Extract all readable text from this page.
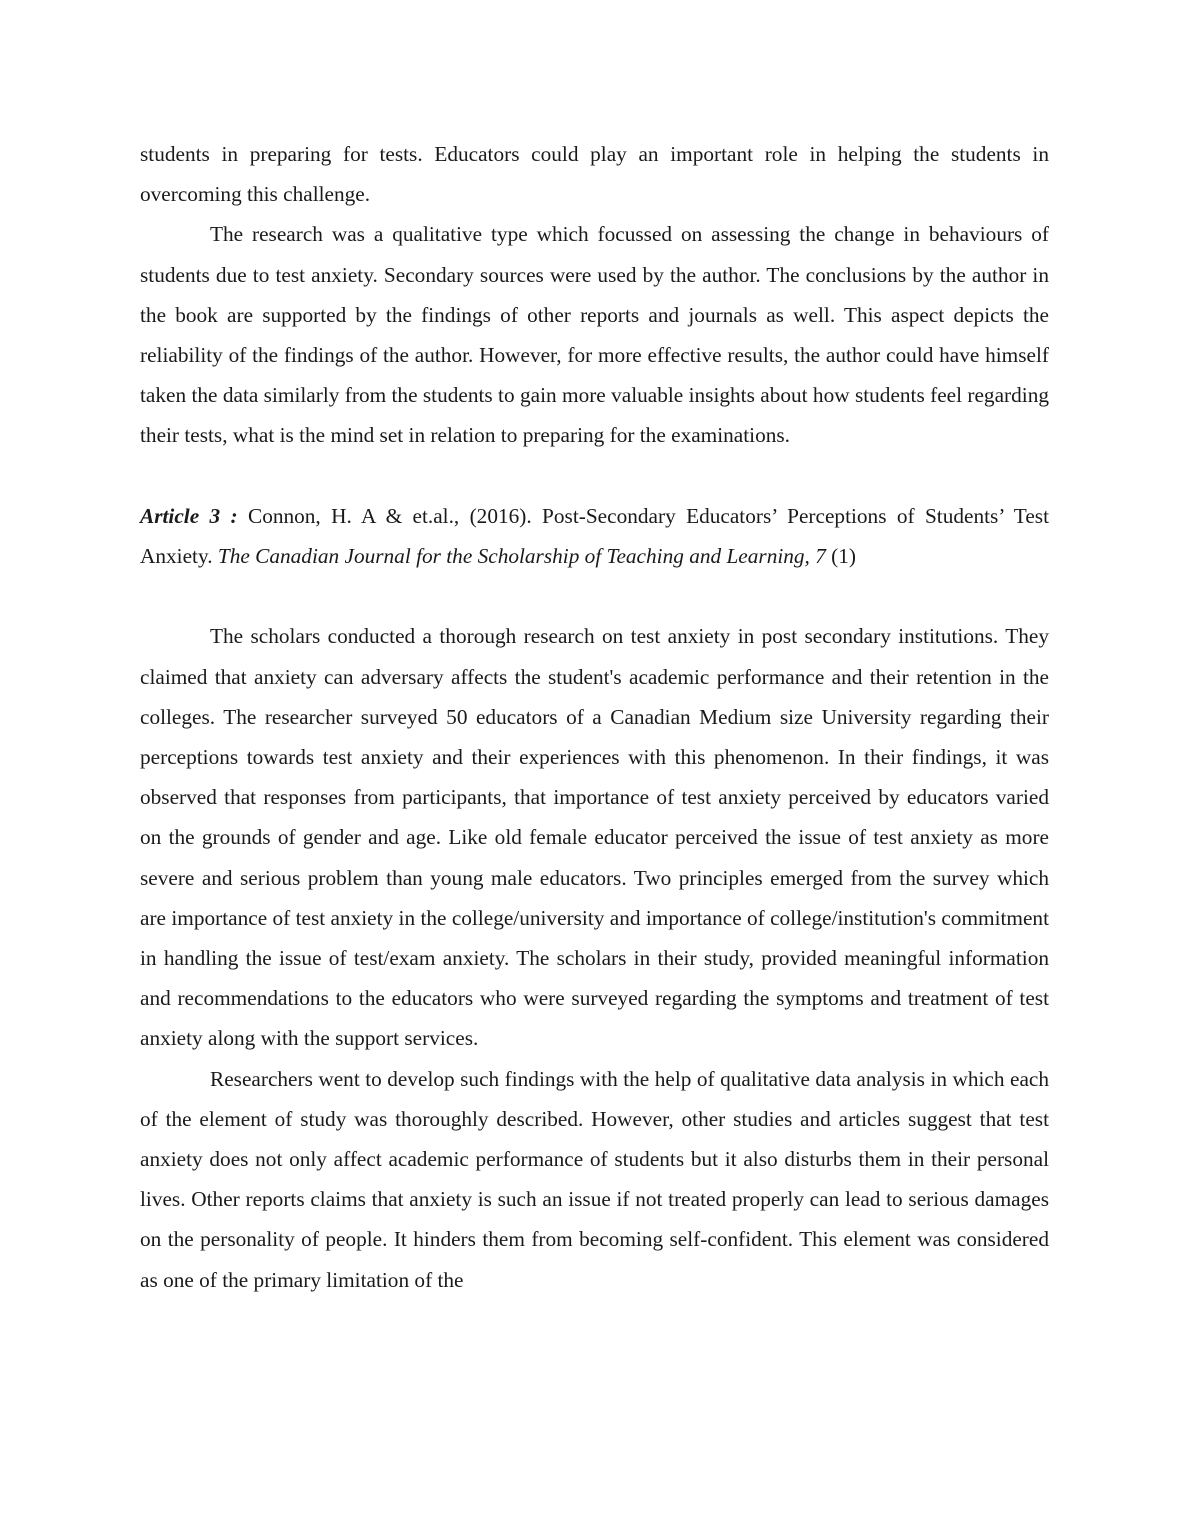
students in preparing for tests. Educators could play an important role in helping the students in overcoming this challenge.

The research was a qualitative type which focussed on assessing the change in behaviours of students due to test anxiety. Secondary sources were used by the author. The conclusions by the author in the book are supported by the findings of other reports and journals as well. This aspect depicts the reliability of the findings of the author. However, for more effective results, the author could have himself taken the data similarly from the students to gain more valuable insights about how students feel regarding their tests, what is the mind set in relation to preparing for the examinations.

Article 3 : Connon, H. A & et.al., (2016). Post-Secondary Educators’ Perceptions of Students’ Test Anxiety. The Canadian Journal for the Scholarship of Teaching and Learning, 7 (1)

The scholars conducted a thorough research on test anxiety in post secondary institutions. They claimed that anxiety can adversary affects the student's academic performance and their retention in the colleges. The researcher surveyed 50 educators of a Canadian Medium size University regarding their perceptions towards test anxiety and their experiences with this phenomenon. In their findings, it was observed that responses from participants, that importance of test anxiety perceived by educators varied on the grounds of gender and age. Like old female educator perceived the issue of test anxiety as more severe and serious problem than young male educators. Two principles emerged from the survey which are importance of test anxiety in the college/university and importance of college/institution's commitment in handling the issue of test/exam anxiety. The scholars in their study, provided meaningful information and recommendations to the educators who were surveyed regarding the symptoms and treatment of test anxiety along with the support services.

Researchers went to develop such findings with the help of qualitative data analysis in which each of the element of study was thoroughly described. However, other studies and articles suggest that test anxiety does not only affect academic performance of students but it also disturbs them in their personal lives. Other reports claims that anxiety is such an issue if not treated properly can lead to serious damages on the personality of people. It hinders them from becoming self-confident. This element was considered as one of the primary limitation of the
